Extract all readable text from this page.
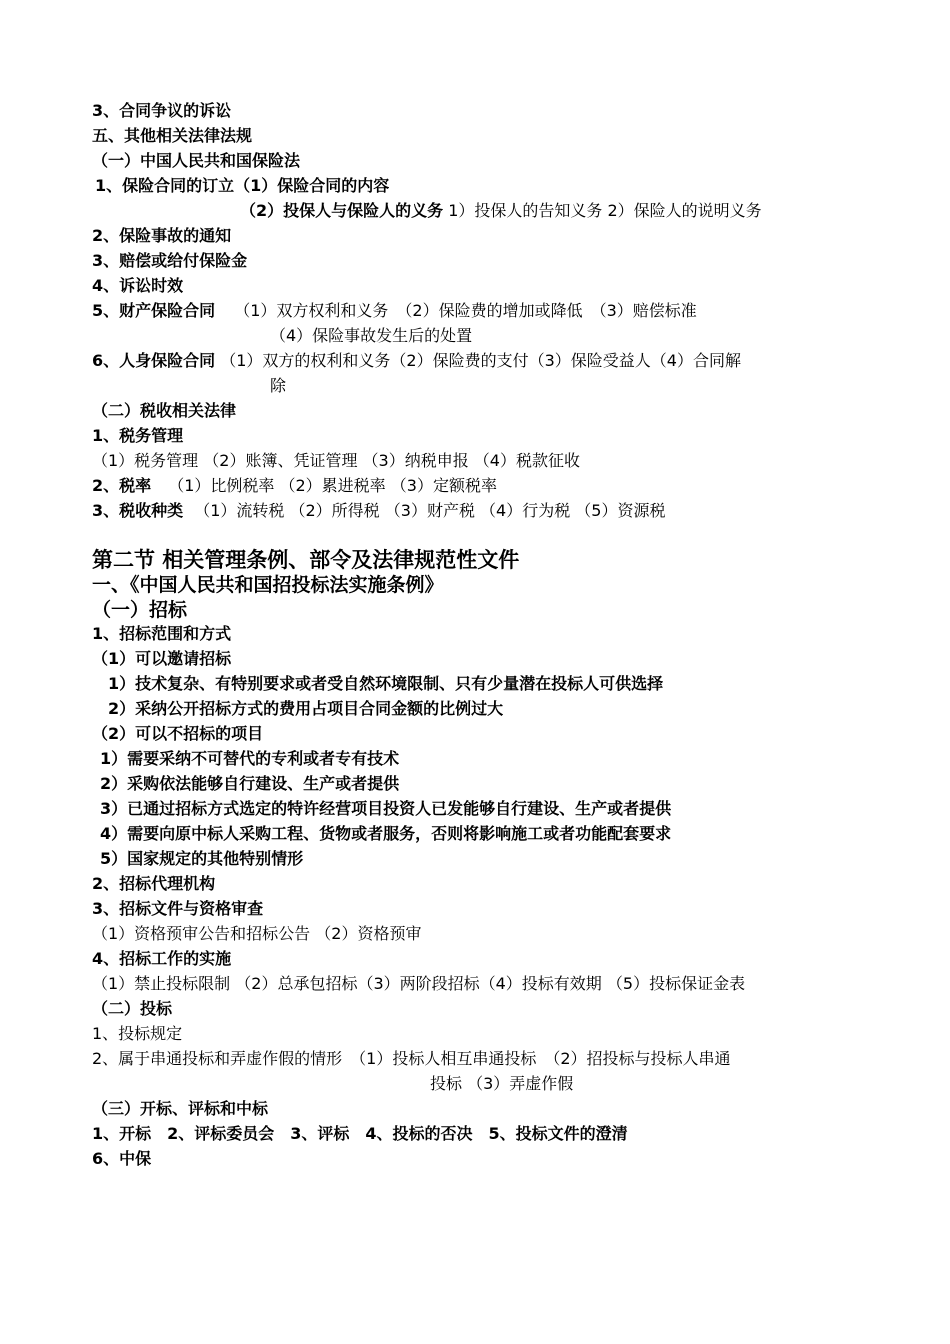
3、合同争议的诉讼
五、其他相关法律法规
（一）中国人民共和国保险法
1、保险合同的订立（1）保险合同的内容
（2）投保人与保险人的义务 1）投保人的告知义务 2）保险人的说明义务
2、保险事故的通知
3、赔偿或给付保险金
4、诉讼时效
5、财产保险合同 （1）双方权利和义务　（2）保险费的增加或降低　（3）赔偿标准
（4）保险事故发生后的处置
6、人身保险合同 （1）双方的权利和义务（2）保险费的支付（3）保险受益人（4）合同解
除
（二）税收相关法律
1、税务管理
（1）税务管理 （2）账簿、凭证管理 （3）纳税申报 （4）税款征收
2、税率 （1）比例税率 （2）累进税率 （3）定额税率
3、税收种类 （1）流转税 （2）所得税 （3）财产税 （4）行为税 （5）资源税
第二节 相关管理条例、部令及法律规范性文件
一、《中国人民共和国招投标法实施条例》
（一）招标
1、招标范围和方式
（1）可以邀请招标
1）技术复杂、有特别要求或者受自然环境限制、只有少量潜在投标人可供选择
2）采纳公开招标方式的费用占项目合同金额的比例过大
（2）可以不招标的项目
1）需要采纳不可替代的专利或者专有技术
2）采购依法能够自行建设、生产或者提供
3）已通过招标方式选定的特许经营项目投资人已发能够自行建设、生产或者提供
4）需要向原中标人采购工程、货物或者服务，否则将影响施工或者功能配套要求
5）国家规定的其他特别情形
2、招标代理机构
3、招标文件与资格审查
（1）资格预审公告和招标公告 （2）资格预审
4、招标工作的实施
（1）禁止投标限制 （2）总承包招标（3）两阶段招标（4）投标有效期 （5）投标保证金表
（二）投标
1、投标规定
2、属于串通投标和弄虚作假的情形　（1）投标人相互串通投标　（2）招投标与投标人串通
投标 （3）弄虚作假
（三）开标、评标和中标
1、开标　2、评标委员会　3、评标　4、投标的否决　5、投标文件的澄清
6、中保
